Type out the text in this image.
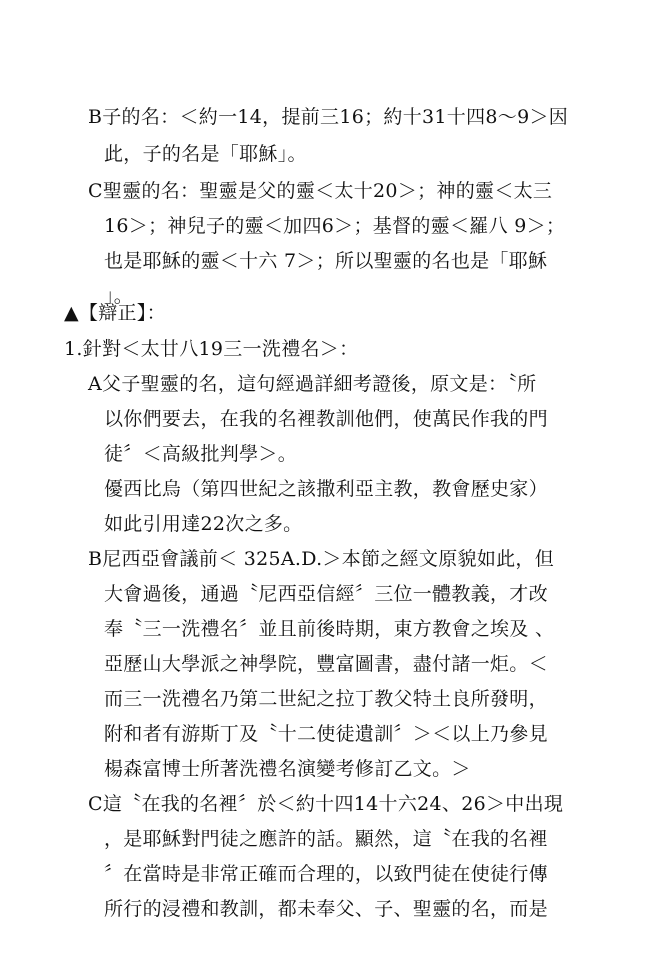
B子的名：＜約一14，提前三16；約十31十四8～9＞因
此，子的名是「耶穌」。
C聖靈的名：聖靈是父的靈＜太十20＞；神的靈＜太三
16＞；神兒子的靈＜加四6＞；基督的靈＜羅八 9＞；
也是耶穌的靈＜十六 7＞；所以聖靈的名也是「耶穌
」。
▲【辯正】：
1.針對＜太廿八19三一洗禮名＞：
A父子聖靈的名，這句經過詳細考證後，原文是：〝所
以你們要去，在我的名裡教訓他們，使萬民作我的門
徒〞＜高級批判學＞。
優西比烏（第四世紀之該撒利亞主教，教會歷史家）
如此引用達22次之多。
B尼西亞會議前＜ 325A.D.＞本節之經文原貌如此，但
大會過後，通過〝尼西亞信經〞三位一體教義，才改
奉〝三一洗禮名〞並且前後時期，東方教會之埃及 、
亞歷山大學派之神學院，豐富圖書，盡付諸一炬。＜
而三一洗禮名乃第二世紀之拉丁教父特土良所發明，
附和者有游斯丁及〝十二使徒遺訓〞＞＜以上乃參見
楊森富博士所著洗禮名演變考修訂乙文。＞
C這〝在我的名裡〞於＜約十四14十六24、26＞中出現
，是耶穌對門徒之應許的話。顯然，這〝在我的名裡
〞在當時是非常正確而合理的，以致門徒在使徒行傳
所行的浸禮和教訓，都未奉父、子、聖靈的名，而是
